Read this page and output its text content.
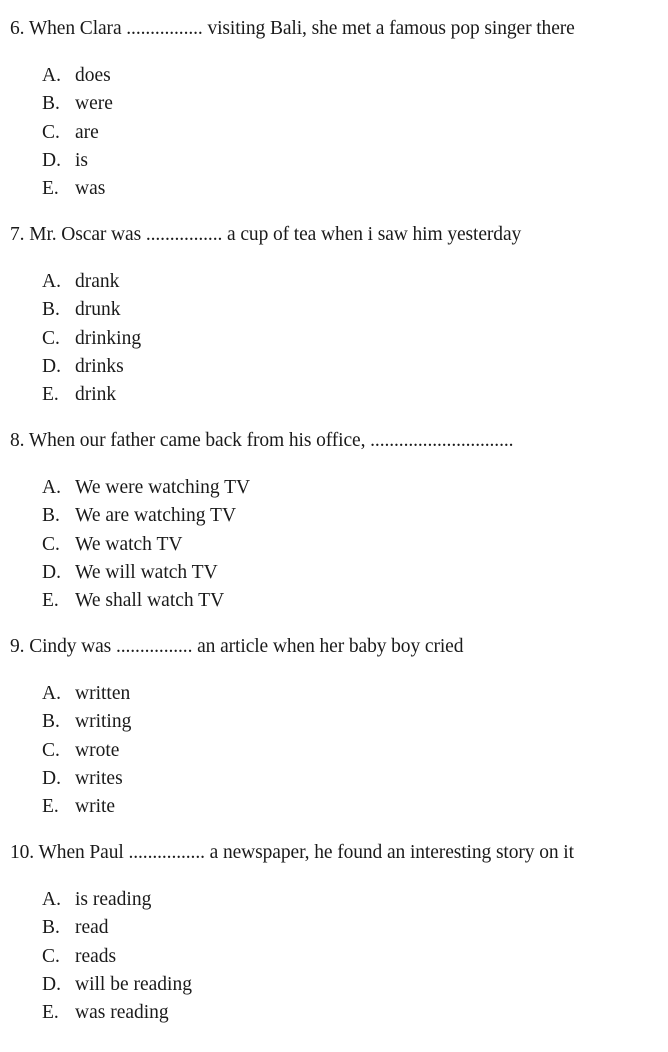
6. When Clara ................ visiting Bali, she met a famous pop singer there
A. does
B. were
C. are
D. is
E. was
7. Mr. Oscar was ................ a cup of tea when i saw him yesterday
A. drank
B. drunk
C. drinking
D. drinks
E. drink
8. When our father came back from his office, ..............................
A. We were watching TV
B. We are watching TV
C. We watch TV
D. We will watch TV
E. We shall watch TV
9. Cindy was ................ an article when her baby boy cried
A. written
B. writing
C. wrote
D. writes
E. write
10. When Paul ................ a newspaper, he found an interesting story on it
A. is reading
B. read
C. reads
D. will be reading
E. was reading
